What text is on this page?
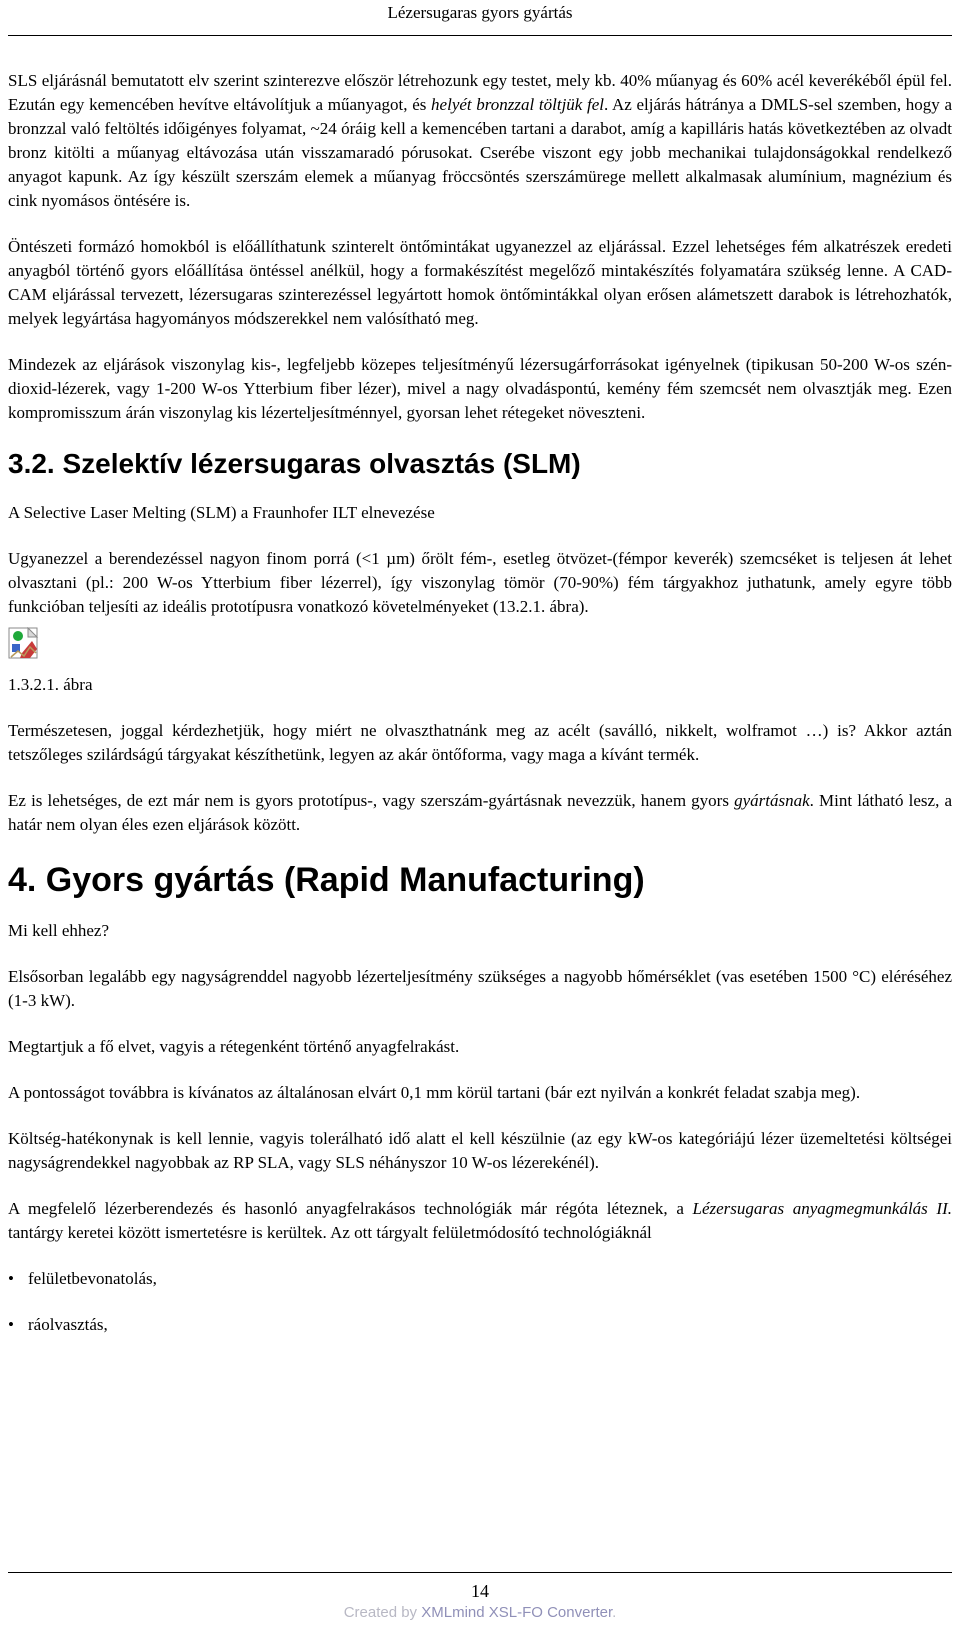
Lézersugaras gyors gyártás

SLS eljárásnál bemutatott elv szerint szinterezve először létrehozunk egy testet, mely kb. 40% műanyag és 60% acél keverékéből épül fel. Ezután egy kemencében hevítve eltávolítjuk a műanyagot, és helyét bronzzal töltjük fel. Az eljárás hátránya a DMLS-sel szemben, hogy a bronzzal való feltöltés időigényes folyamat, ~24 óráig kell a kemencében tartani a darabot, amíg a kapilláris hatás következtében az olvadt bronz kitölti a műanyag eltávozása után visszamaradó pórusokat. Cserébe viszont egy jobb mechanikai tulajdonságokkal rendelkező anyagot kapunk. Az így készült szerszám elemek a műanyag fröccsöntés szerszámürege mellett alkalmasak alumínium, magnézium és cink nyomásos öntésére is.

Öntészeti formázó homokból is előállíthatunk szinterelt öntőmintákat ugyanezzel az eljárással. Ezzel lehetséges fém alkatrészek eredeti anyagból történő gyors előállítása öntéssel anélkül, hogy a formakészítést megelőző mintakészítés folyamatára szükség lenne. A CAD-CAM eljárással tervezett, lézersugaras szinterezéssel legyártott homok öntőmintákkal olyan erősen alámetszett darabok is létrehozhatók, melyek legyártása hagyományos módszerekkel nem valósítható meg.

Mindezek az eljárások viszonylag kis-, legfeljebb közepes teljesítményű lézersugárforrásokat igényelnek (tipikusan 50-200 W-os szén-dioxid-lézerek, vagy 1-200 W-os Ytterbium fiber lézer), mivel a nagy olvadáspontú, kemény fém szemcsét nem olvasztják meg. Ezen kompromisszum árán viszonylag kis lézerteljesítménnyel, gyorsan lehet rétegeket növeszteni.

3.2. Szelektív lézersugaras olvasztás (SLM)

A Selective Laser Melting (SLM) a Fraunhofer ILT elnevezése

Ugyanezzel a berendezéssel nagyon finom porrá (<1 µm) őrölt fém-, esetleg ötvözet-(fémpor keverék) szemcséket is teljesen át lehet olvasztani (pl.: 200 W-os Ytterbium fiber lézerrel), így viszonylag tömör (70-90%) fém tárgyakhoz juthatunk, amely egyre több funkcióban teljesíti az ideális prototípusra vonatkozó követelményeket (13.2.1. ábra).

1.3.2.1. ábra

Természetesen, joggal kérdezhetjük, hogy miért ne olvaszthatnánk meg az acélt (saválló, nikkelt, wolframot …) is? Akkor aztán tetszőleges szilárdságú tárgyakat készíthetünk, legyen az akár öntőforma, vagy maga a kívánt termék.

Ez is lehetséges, de ezt már nem is gyors prototípus-, vagy szerszám-gyártásnak nevezzük, hanem gyors gyártásnak. Mint látható lesz, a határ nem olyan éles ezen eljárások között.

4. Gyors gyártás (Rapid Manufacturing)

Mi kell ehhez?

Elsősorban legalább egy nagyságrenddel nagyobb lézerteljesítmény szükséges a nagyobb hőmérséklet (vas esetében 1500 °C) eléréséhez (1-3 kW).

Megtartjuk a fő elvet, vagyis a rétegenként történő anyagfelrakást.

A pontosságot továbbra is kívánatos az általánosan elvárt 0,1 mm körül tartani (bár ezt nyilván a konkrét feladat szabja meg).

Költség-hatékonynak is kell lennie, vagyis tolerálható idő alatt el kell készülnie (az egy kW-os kategóriájú lézer üzemeltetési költségei nagyságrendekkel nagyobbak az RP SLA, vagy SLS néhányszor 10 W-os lézerekénél).

A megfelelő lézerberendezés és hasonló anyagfelrakásos technológiák már régóta léteznek, a Lézersugaras anyagmegmunkálás II. tantárgy keretei között ismertetésre is kerültek. Az ott tárgyalt felületmódosító technológiáknál

• felületbevonatolás,
• ráolvasztás,
14
Created by XMLmind XSL-FO Converter.
